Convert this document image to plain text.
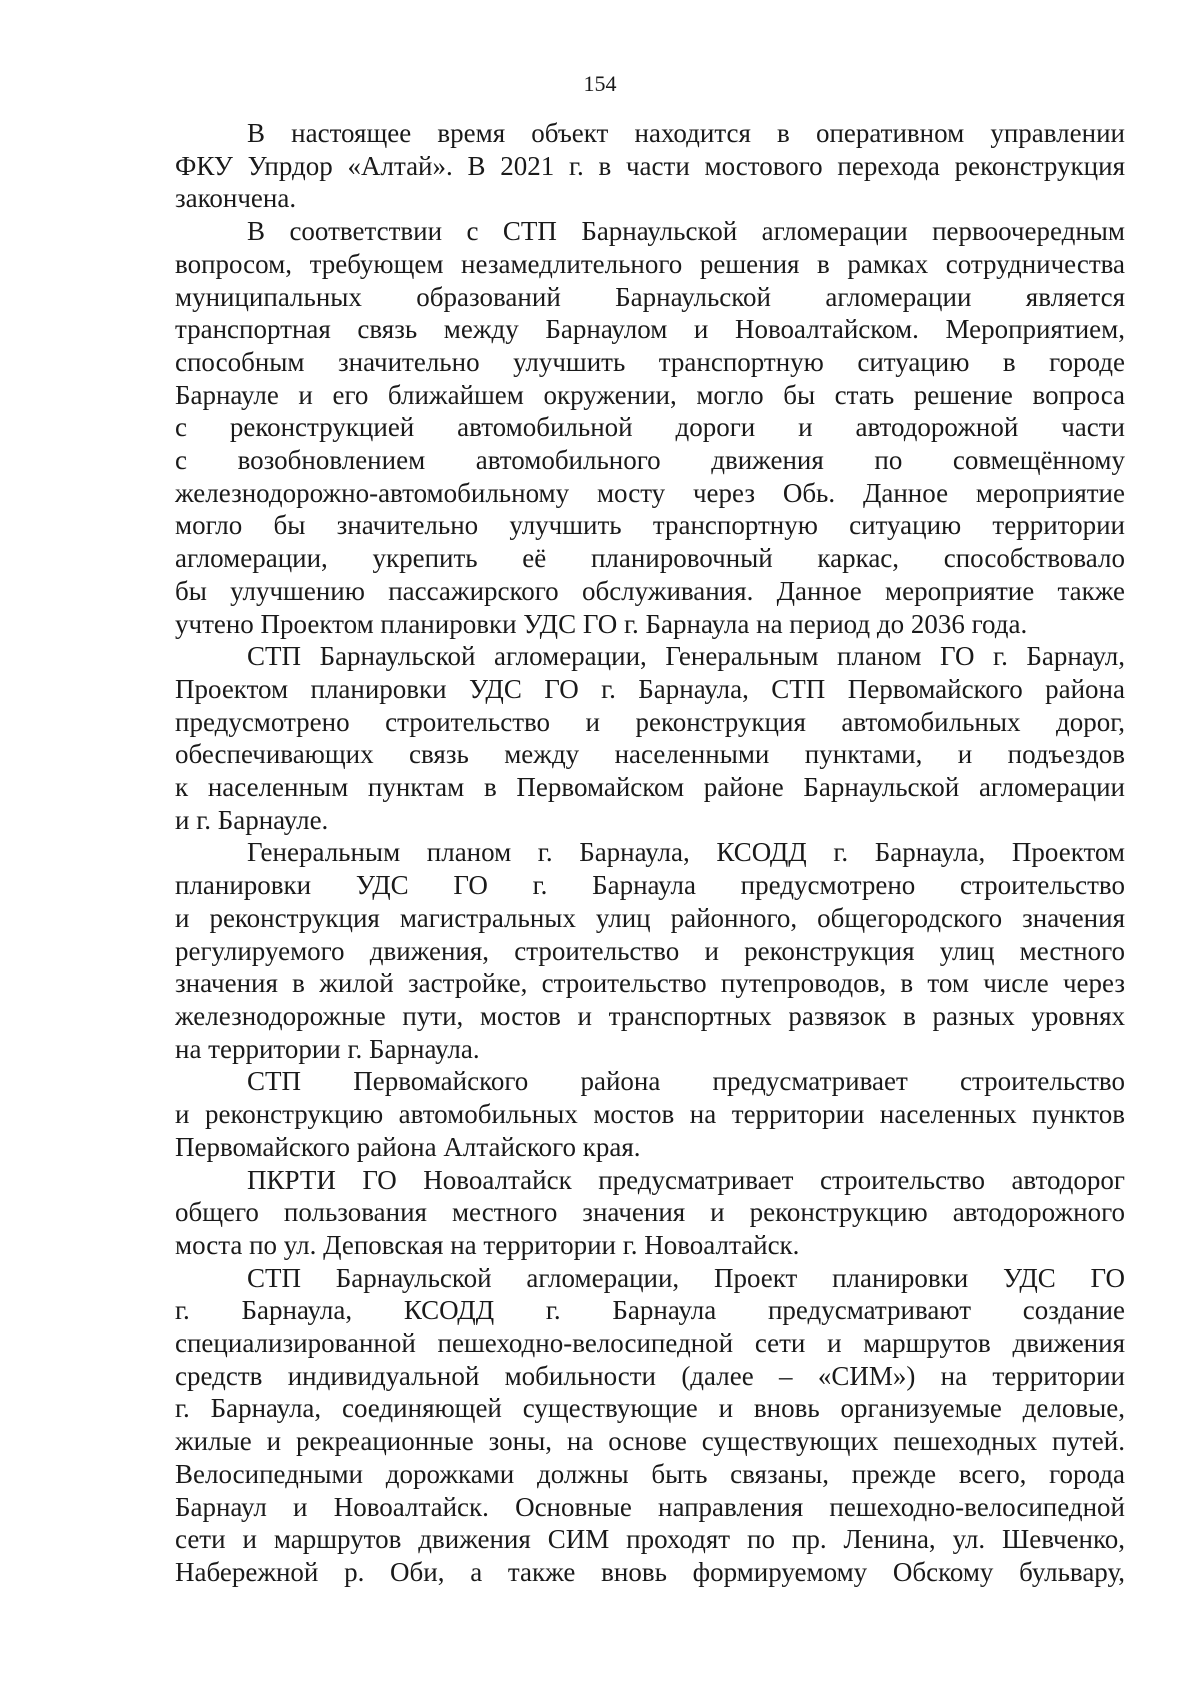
154
В настоящее время объект находится в оперативном управлении
ФКУ Упрдор «Алтай». В 2021 г. в части мостового перехода реконструкция
закончена.
В соответствии с СТП Барнаульской агломерации первоочередным
вопросом, требующем незамедлительного решения в рамках сотрудничества
муниципальных образований Барнаульской агломерации является
транспортная связь между Барнаулом и Новоалтайском. Мероприятием,
способным значительно улучшить транспортную ситуацию в городе
Барнауле и его ближайшем окружении, могло бы стать решение вопроса
с реконструкцией автомобильной дороги и автодорожной части
с возобновлением автомобильного движения по совмещённому
железнодорожно-автомобильному мосту через Обь. Данное мероприятие
могло бы значительно улучшить транспортную ситуацию территории
агломерации, укрепить её планировочный каркас, способствовало
бы улучшению пассажирского обслуживания. Данное мероприятие также
учтено Проектом планировки УДС ГО г. Барнаула на период до 2036 года.
СТП Барнаульской агломерации, Генеральным планом ГО г. Барнаул,
Проектом планировки УДС ГО г. Барнаула, СТП Первомайского района
предусмотрено строительство и реконструкция автомобильных дорог,
обеспечивающих связь между населенными пунктами, и подъездов
к населенным пунктам в Первомайском районе Барнаульской агломерации
и г. Барнауле.
Генеральным планом г. Барнаула, КСОДД г. Барнаула, Проектом
планировки УДС ГО г. Барнаула предусмотрено строительство
и реконструкция магистральных улиц районного, общегородского значения
регулируемого движения, строительство и реконструкция улиц местного
значения в жилой застройке, строительство путепроводов, в том числе через
железнодорожные пути, мостов и транспортных развязок в разных уровнях
на территории г. Барнаула.
СТП Первомайского района предусматривает строительство
и реконструкцию автомобильных мостов на территории населенных пунктов
Первомайского района Алтайского края.
ПКРТИ ГО Новоалтайск предусматривает строительство автодорог
общего пользования местного значения и реконструкцию автодорожного
моста по ул. Деповская на территории г. Новоалтайск.
СТП Барнаульской агломерации, Проект планировки УДС ГО
г. Барнаула, КСОДД г. Барнаула предусматривают создание
специализированной пешеходно-велосипедной сети и маршрутов движения
средств индивидуальной мобильности (далее – «СИМ») на территории
г. Барнаула, соединяющей существующие и вновь организуемые деловые,
жилые и рекреационные зоны, на основе существующих пешеходных путей.
Велосипедными дорожками должны быть связаны, прежде всего, города
Барнаул и Новоалтайск. Основные направления пешеходно-велосипедной
сети и маршрутов движения СИМ проходят по пр. Ленина, ул. Шевченко,
Набережной р. Оби, а также вновь формируемому Обскому бульвару,
